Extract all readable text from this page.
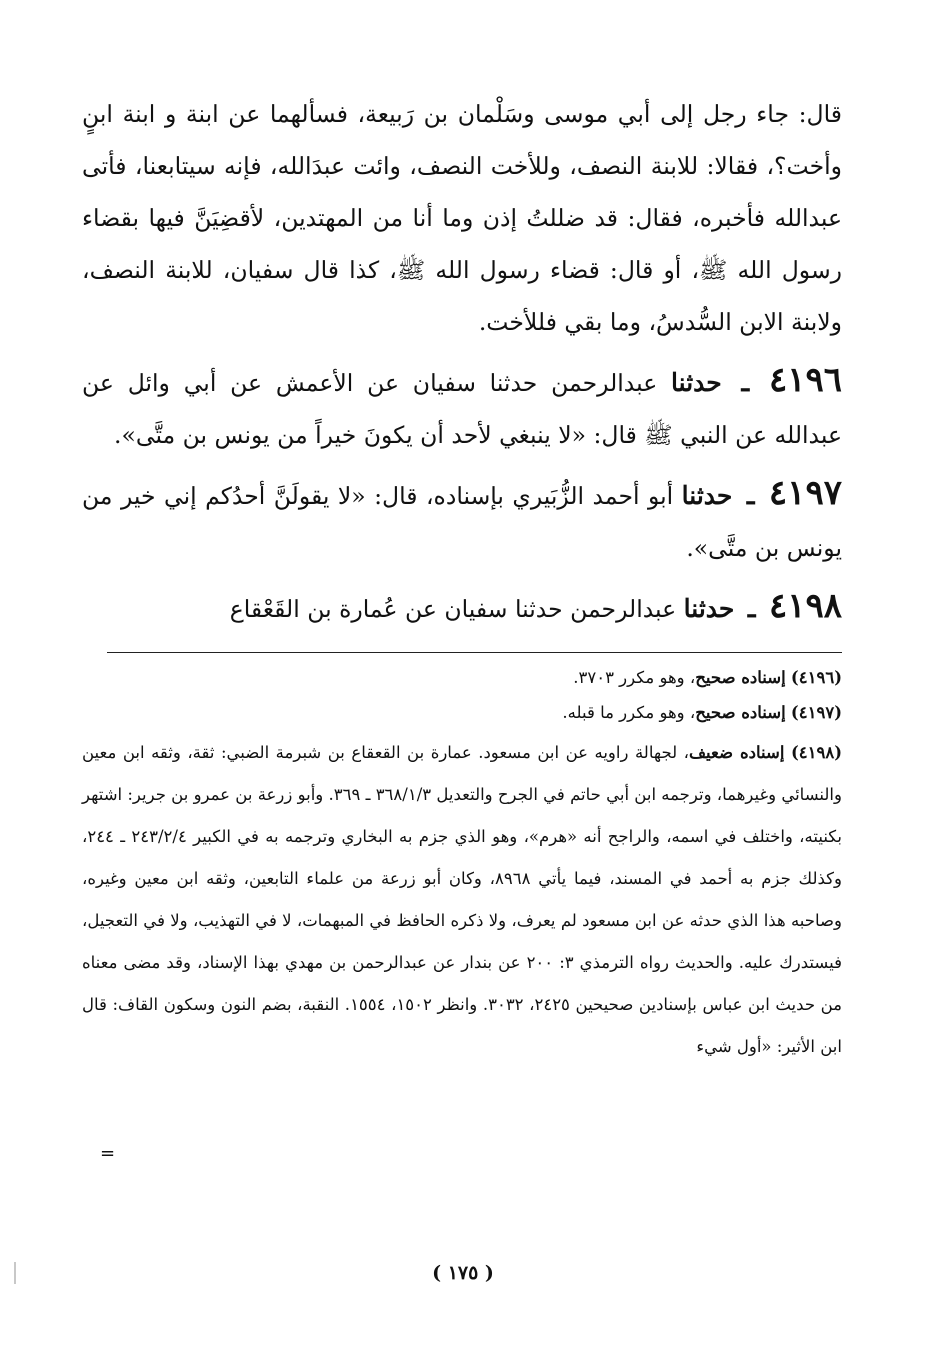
قال: جاء رجل إلى أبي موسى وسَلْمان بن رَبيعة، فسألهما عن ابنة و ابنة ابنٍ وأخت؟، فقالا: للابنة النصف، وللأخت النصف، وائت عبدَالله، فإنه سيتابعنا، فأتى عبدالله فأخبره، فقال: قد ضللتُ إذن وما أنا من المهتدين، لأقضِيَنَّ فيها بقضاء رسول الله ﷺ، أو قال: قضاء رسول الله ﷺ، كذا قال سفيان، للابنة النصف، ولابنة الابن السُّدسُ، وما بقي فللأخت.

٤١٩٦ ـ حدثنا عبدالرحمن حدثنا سفيان عن الأعمش عن أبي وائل عن عبدالله عن النبي ﷺ قال: «لا ينبغي لأحد أن يكونَ خيراً من يونس بن متَّى».

٤١٩٧ ـ حدثنا أبو أحمد الزُّبَيري بإسناده، قال: «لا يقولَنَّ أحدُكم إني خير من يونس بن متَّى».

٤١٩٨ ـ حدثنا عبدالرحمن حدثنا سفيان عن عُمارة بن القَعْقاع

(٤١٩٦) إسناده صحيح، وهو مكرر ٣٧٠٣.

(٤١٩٧) إسناده صحيح، وهو مكرر ما قبله.

(٤١٩٨) إسناده ضعيف، لجهالة راويه عن ابن مسعود. عمارة بن القعقاع بن شبرمة الضبي: ثقة، وثقه ابن معين والنسائي وغيرهما، وترجمه ابن أبي حاتم في الجرح والتعديل ٣٦٨/١/٣ ـ ٣٦٩. وأبو زرعة بن عمرو بن جرير: اشتهر بكنيته، واختلف في اسمه، والراجح أنه «هرم»، وهو الذي جزم به البخاري وترجمه به في الكبير ٢٤٣/٢/٤ ـ ٢٤٤، وكذلك جزم به أحمد في المسند، فيما يأتي ٨٩٦٨، وكان أبو زرعة من علماء التابعين، وثقه ابن معين وغيره، وصاحبه هذا الذي حدثه عن ابن مسعود لم يعرف، ولا ذكره الحافظ في المبهمات، لا في التهذيب، ولا في التعجيل، فيستدرك عليه. والحديث رواه الترمذي ٣: ٢٠٠ عن بندار عن عبدالرحمن بن مهدي بهذا الإسناد، وقد مضى معناه من حديث ابن عباس بإسنادين صحيحين ٢٤٢٥، ٣٠٣٢. وانظر ١٥٠٢، ١٥٥٤. النقبة، بضم النون وسكون القاف: قال ابن الأثير: «أول شيء

=
( ١٧٥ )
